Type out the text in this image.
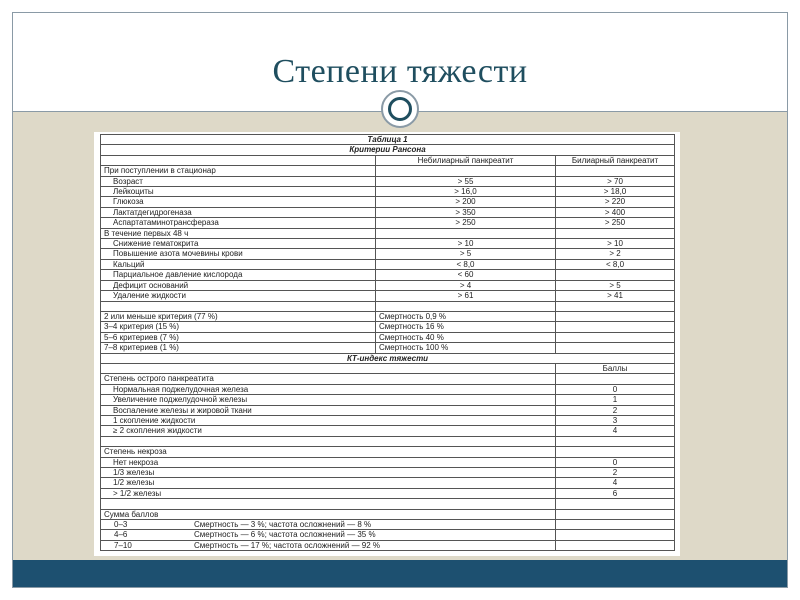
Степени тяжести
Таблица 1		
Критерии Рансона		
	Небилиарный панкреатит	Билиарный панкреатит
При поступлении в стационар		
Возраст	> 55	> 70
Лейкоциты	> 16,0	> 18,0
Глюкоза	> 200	> 220
Лактатдегидрогеназа	> 350	> 400
Аспартатаминотрансфераза	> 250	> 250
В течение первых 48 ч		
Снижение гематокрита	> 10	> 10
Повышение азота мочевины крови	> 5	> 2
Кальций	< 8,0	< 8,0
Парциальное давление кислорода	< 60	
Дефицит оснований	> 4	> 5
Удаление жидкости	> 61	> 41

2 или меньше критерия (77 %)	Смертность 0,9 %	
3–4 критерия (15 %)	Смертность 16 %	
5–6 критериев (7 %)	Смертность 40 %	
7–8 критериев (1 %)	Смертность 100 %	
КТ-индекс тяжести		
		Баллы
Степень острого панкреатита		
Нормальная поджелудочная железа		0
Увеличение поджелудочной железы		1
Воспаление железы и жировой ткани		2
1 скопление жидкости		3
≥ 2 скопления жидкости		4

Степень некроза		
Нет некроза		0
1/3 железы		2
1/2 железы		4
> 1/2 железы		6

Сумма баллов		
0–3 Смертность — 3 %; частота осложнений — 8 %		
4–6 Смертность — 6 %; частота осложнений — 35 %		
7–10 Смертность — 17 %; частота осложнений — 92 %		
